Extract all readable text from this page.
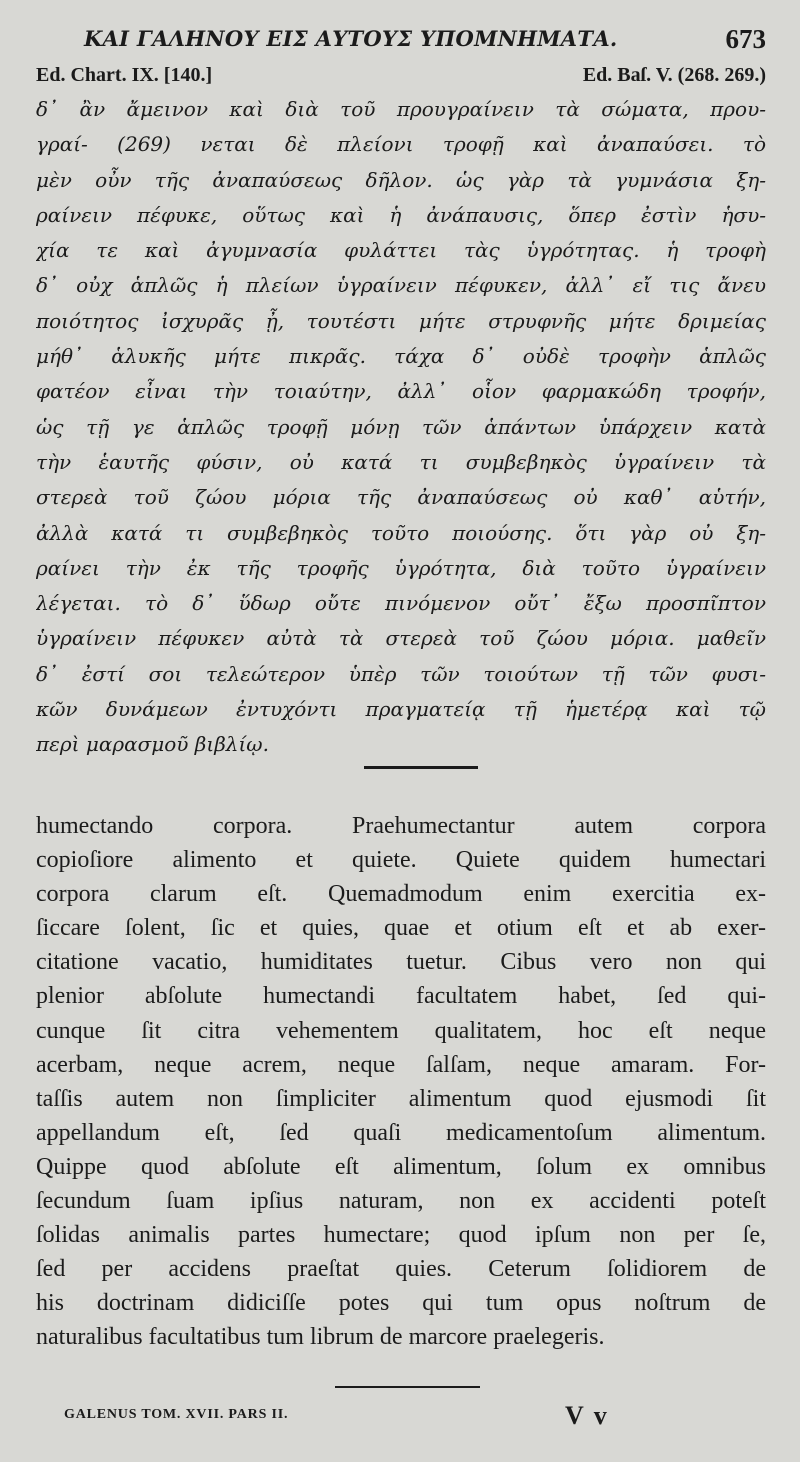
ΚΑΙ ΓΑΛΗΝΟΥ ΕΙΣ ΑΥΤΟΥΣ ΥΠΟΜΝΗΜΑΤΑ.	673
Ed. Chart. IX. [140.]	Ed. Baſ. V. (268. 269.)
δ᾽ ἂν ἄμεινον καὶ διὰ τοῦ προυγραίνειν τὰ σώματα, πρου-
γραί- (269) νεται δὲ πλείονι τροφῇ καὶ ἀναπαύσει. τὸ
μὲν οὖν τῆς ἀναπαύσεως δῆλον. ὡς γὰρ τὰ γυμνάσια ξη-
ραίνειν πέφυκε, οὕτως καὶ ἡ ἀνάπαυσις, ὅπερ ἐστὶν ἡσυ-
χία τε καὶ ἀγυμνασία φυλάττει τὰς ὑγρότητας. ἡ τροφὴ
δ᾽ οὐχ ἁπλῶς ἡ πλείων ὑγραίνειν πέφυκεν, ἀλλ᾽ εἴ τις ἄνευ
ποιότητος ἰσχυρᾶς ᾖ, τουτέστι μήτε στρυφνῆς μήτε δριμείας
μήθ᾽ ἁλυκῆς μήτε πικρᾶς. τάχα δ᾽ οὐδὲ τροφὴν ἁπλῶς
φατέον εἶναι τὴν τοιαύτην, ἀλλ᾽ οἷον φαρμακώδη τροφήν,
ὡς τῇ γε ἁπλῶς τροφῇ μόνῃ τῶν ἁπάντων ὑπάρχειν κατὰ
τὴν ἑαυτῆς φύσιν, οὐ κατά τι συμβεβηκὸς ὑγραίνειν τὰ
στερεὰ τοῦ ζώου μόρια τῆς ἀναπαύσεως οὐ καθ᾽ αὑτήν,
ἀλλὰ κατά τι συμβεβηκὸς τοῦτο ποιούσης. ὅτι γὰρ οὐ ξη-
ραίνει τὴν ἐκ τῆς τροφῆς ὑγρότητα, διὰ τοῦτο ὑγραίνειν
λέγεται. τὸ δ᾽ ὕδωρ οὔτε πινόμενον οὔτ᾽ ἔξω προσπῖπτον
ὑγραίνειν πέφυκεν αὐτὰ τὰ στερεὰ τοῦ ζώου μόρια. μαθεῖν
δ᾽ ἐστί σοι τελεώτερον ὑπὲρ τῶν τοιούτων τῇ τῶν φυσι-
κῶν δυνάμεων ἐντυχόντι πραγματείᾳ τῇ ἡμετέρᾳ καὶ τῷ
περὶ μαρασμοῦ βιβλίῳ.
humectando corpora. Praehumectantur autem corpora
copioſiore alimento et quiete. Quiete quidem humectari
corpora clarum eſt. Quemadmodum enim exercitia ex-
ſiccare ſolent, ſic et quies, quae et otium eſt et ab exer-
citatione vacatio, humiditates tuetur. Cibus vero non qui
plenior abſolute humectandi facultatem habet, ſed qui-
cunque ſit citra vehementem qualitatem, hoc eſt neque
acerbam, neque acrem, neque ſalſam, neque amaram. For-
taſſis autem non ſimpliciter alimentum quod ejusmodi ſit
appellandum eſt, ſed quaſi medicamentoſum alimentum.
Quippe quod abſolute eſt alimentum, ſolum ex omnibus
ſecundum ſuam ipſius naturam, non ex accidenti poteſt
ſolidas animalis partes humectare; quod ipſum non per ſe,
ſed per accidens praeſtat quies. Ceterum ſolidiorem de
his doctrinam didiciſſe potes qui tum opus noſtrum de
naturalibus facultatibus tum librum de marcore praelegeris.
GALENUS TOM. XVII. PARS II.	V v
